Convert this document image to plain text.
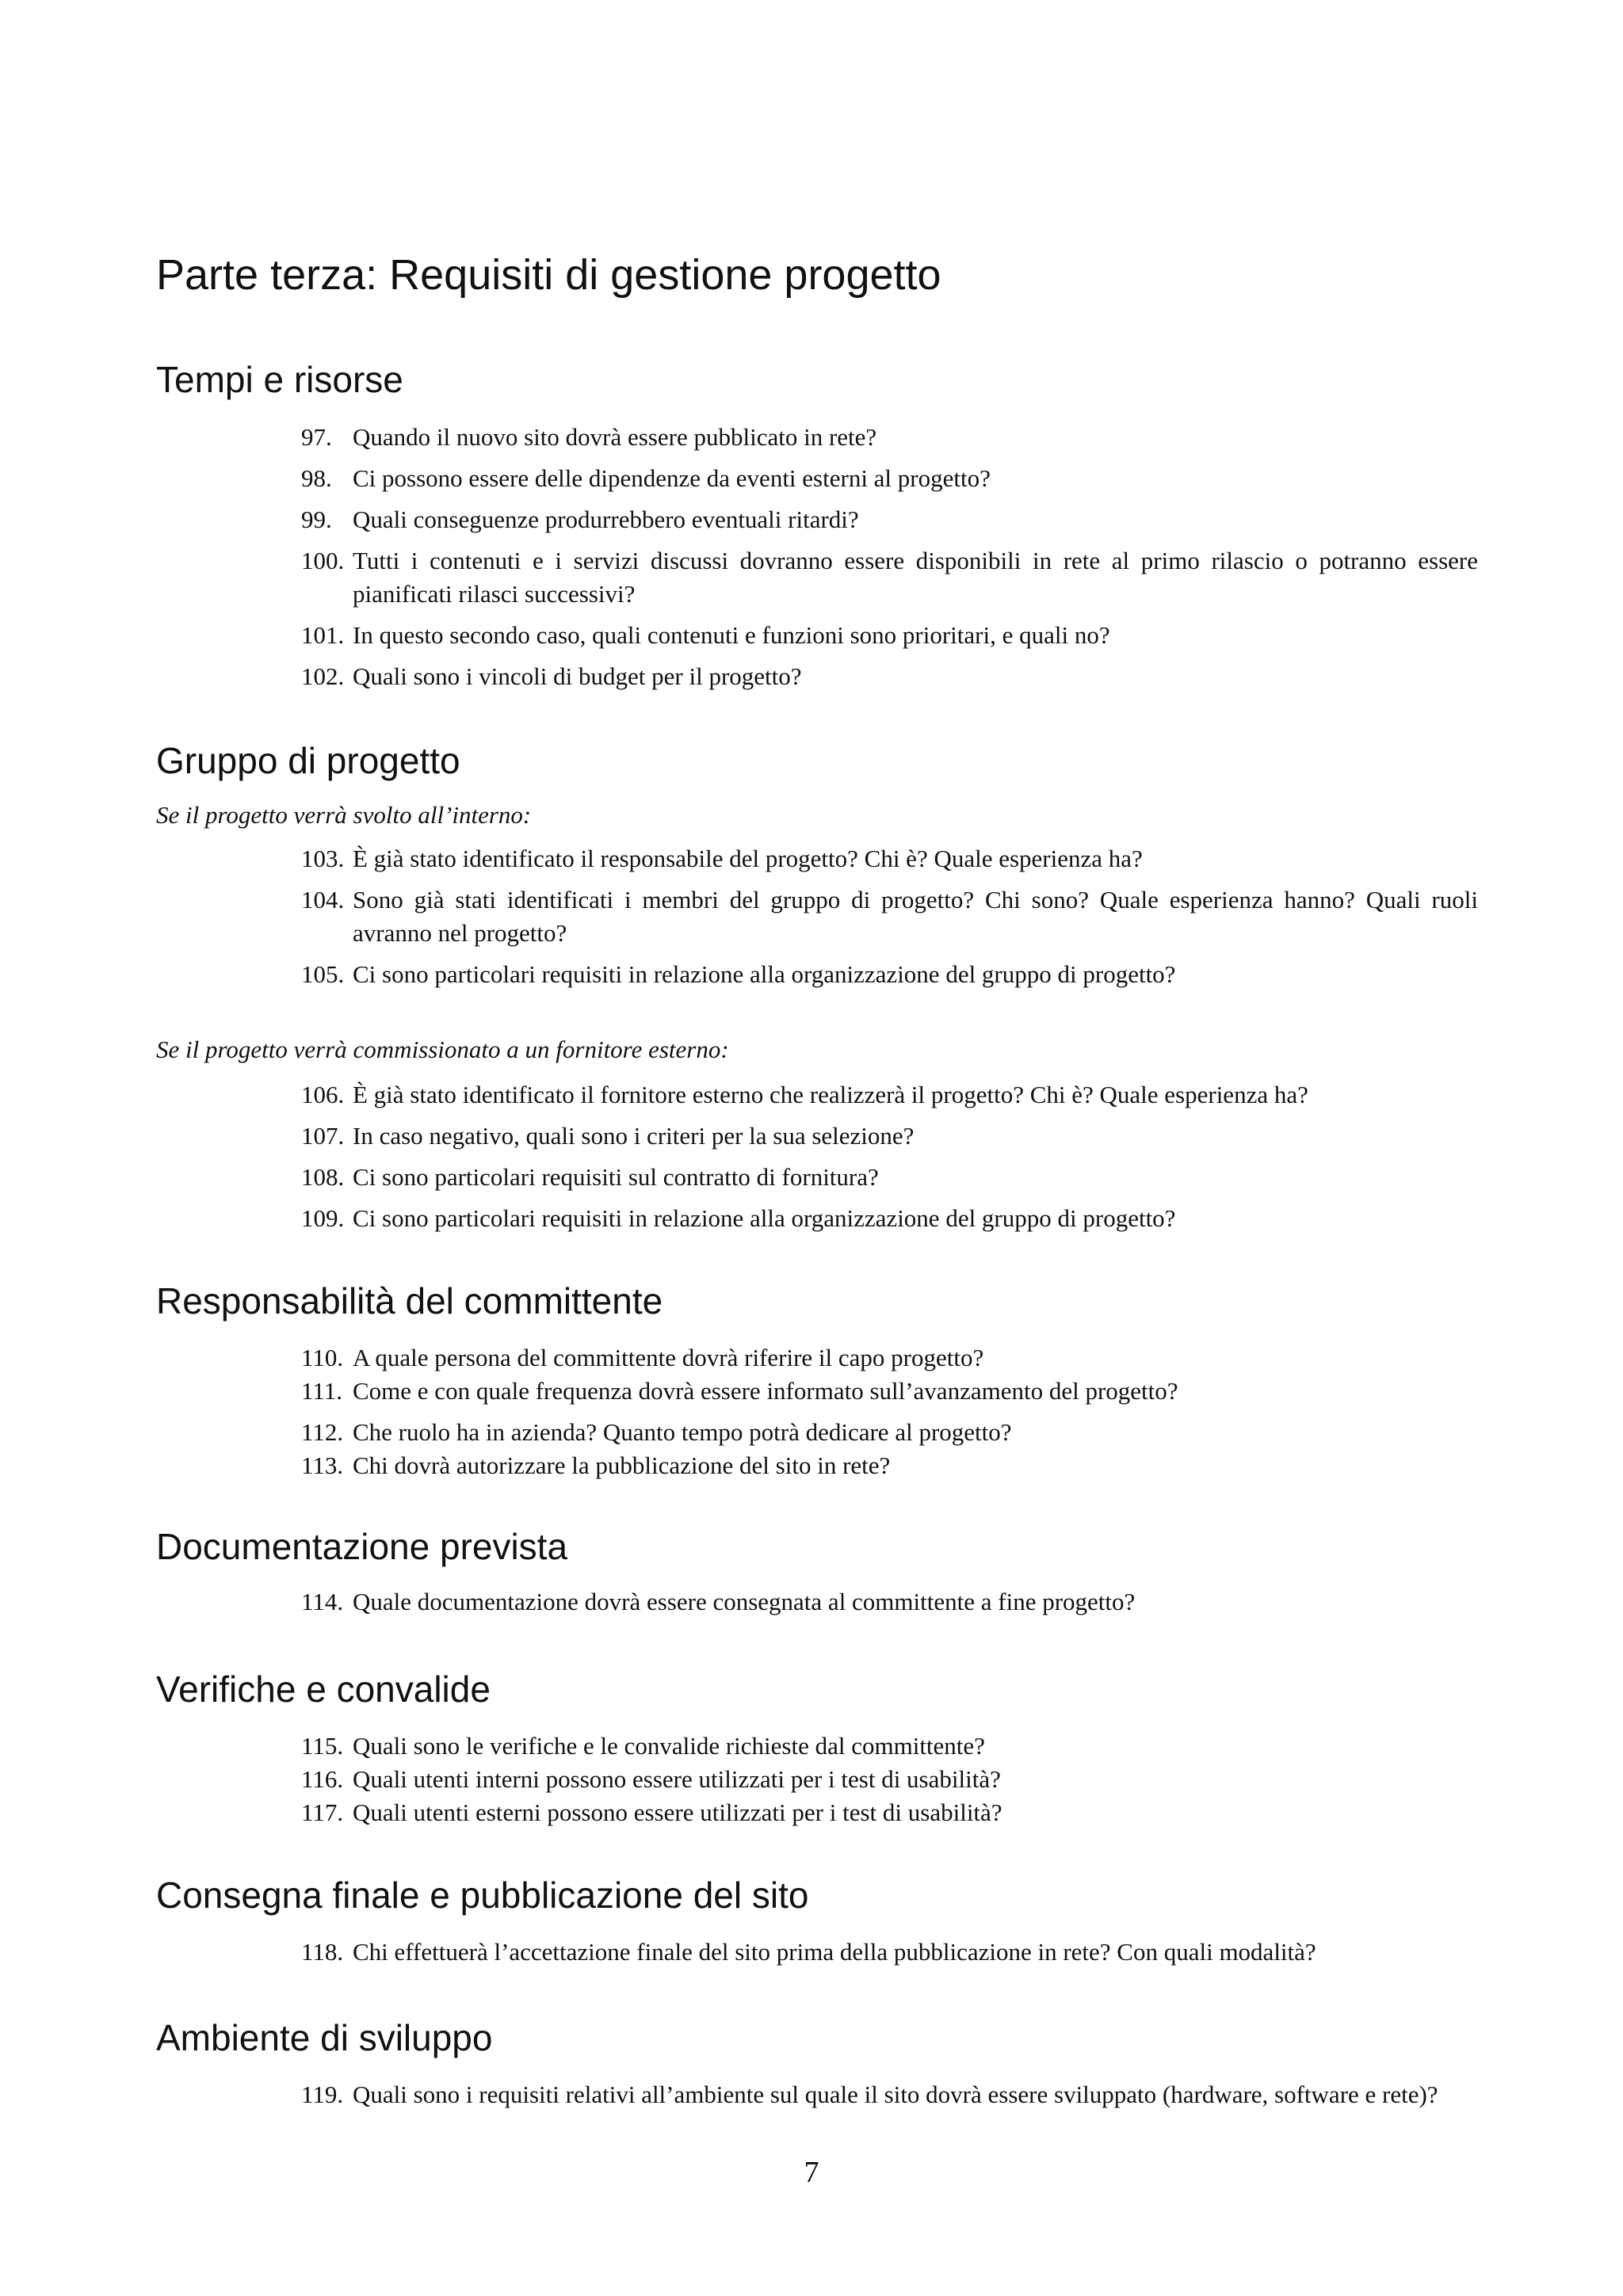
Parte terza: Requisiti di gestione progetto
Tempi e risorse
97. Quando il nuovo sito dovrà essere pubblicato in rete?
98. Ci possono essere delle dipendenze da eventi esterni al progetto?
99. Quali conseguenze produrrebbero eventuali ritardi?
100. Tutti i contenuti e i servizi discussi dovranno essere disponibili in rete al primo rilascio o potranno essere pianificati rilasci successivi?
101. In questo secondo caso, quali contenuti e funzioni sono prioritari, e quali no?
102. Quali sono i vincoli di budget per il progetto?
Gruppo di progetto

Se il progetto verrà svolto all’interno:

103. È già stato identificato il responsabile del progetto? Chi è? Quale esperienza ha?
104. Sono già stati identificati i membri del gruppo di progetto? Chi sono? Quale esperienza hanno? Quali ruoli avranno nel progetto?
105. Ci sono particolari requisiti in relazione alla organizzazione del gruppo di progetto?

Se il progetto verrà commissionato a un fornitore esterno:

106. È già stato identificato il fornitore esterno che realizzerà il progetto? Chi è? Quale esperienza ha?
107. In caso negativo, quali sono i criteri per la sua selezione?
108. Ci sono particolari requisiti sul contratto di fornitura?
109. Ci sono particolari requisiti in relazione alla organizzazione del gruppo di progetto?
Responsabilità del committente
110. A quale persona del committente dovrà riferire il capo progetto?
111. Come e con quale frequenza dovrà essere informato sull’avanzamento del progetto?
112. Che ruolo ha in azienda? Quanto tempo potrà dedicare al progetto?
113. Chi dovrà autorizzare la pubblicazione del sito in rete?
Documentazione prevista
114. Quale documentazione dovrà essere consegnata al committente a fine progetto?
Verifiche e convalide
115. Quali sono le verifiche e le convalide richieste dal committente?
116. Quali utenti interni possono essere utilizzati per i test di usabilità?
117. Quali utenti esterni possono essere utilizzati per i test di usabilità?
Consegna finale e pubblicazione del sito
118. Chi effettuerà l’accettazione finale del sito prima della pubblicazione in rete? Con quali modalità?
Ambiente di sviluppo
119. Quali sono i requisiti relativi all’ambiente sul quale il sito dovrà essere sviluppato (hardware, software e rete)?
7
